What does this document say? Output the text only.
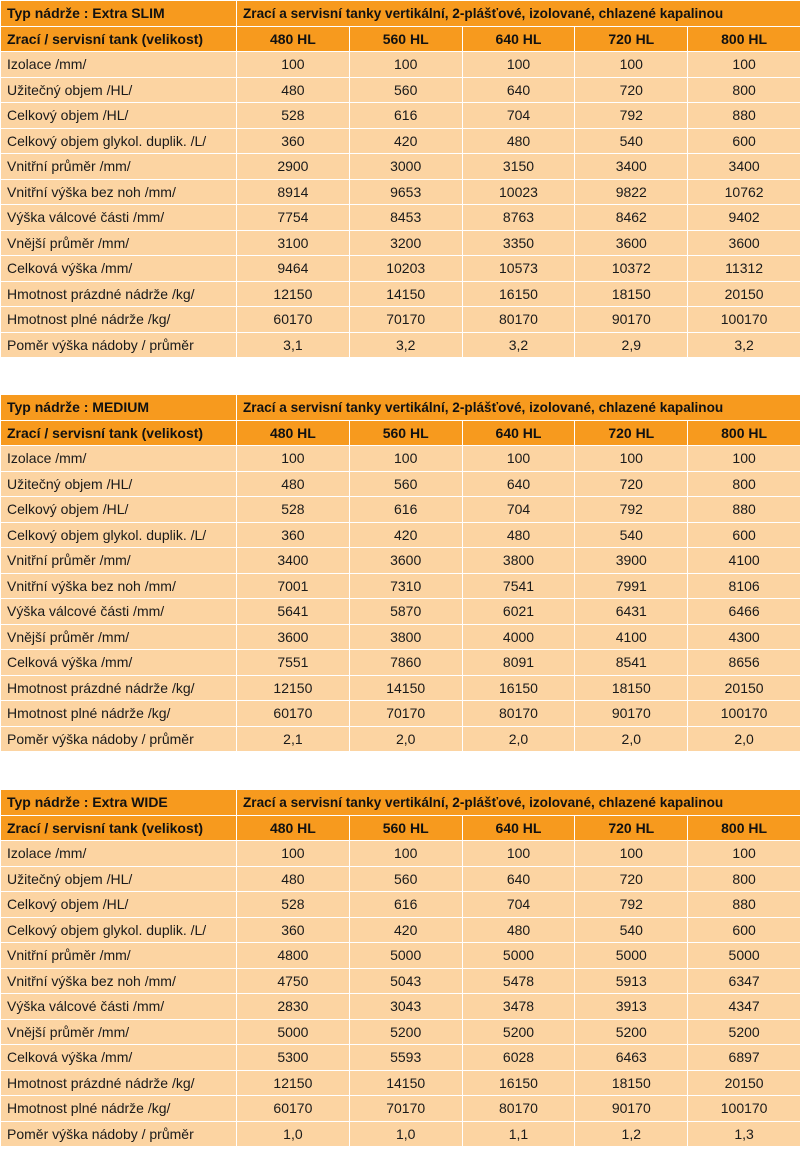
Typ nádrže : Extra SLIM	Zrací a servisní tanky vertikální, 2-plášťové, izolované, chlazené kapalinou				
Zrací / servisní tank (velikost)	480 HL	560 HL	640 HL	720 HL	800 HL
Izolace /mm/	100	100	100	100	100
Užitečný objem /HL/	480	560	640	720	800
Celkový objem /HL/	528	616	704	792	880
Celkový objem glykol. duplik. /L/	360	420	480	540	600
Vnitřní průměr /mm/	2900	3000	3150	3400	3400
Vnitřní výška bez noh /mm/	8914	9653	10023	9822	10762
Výška válcové části /mm/	7754	8453	8763	8462	9402
Vnější průměr /mm/	3100	3200	3350	3600	3600
Celková výška /mm/	9464	10203	10573	10372	11312
Hmotnost prázdné nádrže /kg/	12150	14150	16150	18150	20150
Hmotnost plné nádrže /kg/	60170	70170	80170	90170	100170
Poměr výška nádoby / průměr	3,1	3,2	3,2	2,9	3,2
Typ nádrže : MEDIUM	Zrací a servisní tanky vertikální, 2-plášťové, izolované, chlazené kapalinou				
Zrací / servisní tank (velikost)	480 HL	560 HL	640 HL	720 HL	800 HL
Izolace /mm/	100	100	100	100	100
Užitečný objem /HL/	480	560	640	720	800
Celkový objem /HL/	528	616	704	792	880
Celkový objem glykol. duplik. /L/	360	420	480	540	600
Vnitřní průměr /mm/	3400	3600	3800	3900	4100
Vnitřní výška bez noh /mm/	7001	7310	7541	7991	8106
Výška válcové části /mm/	5641	5870	6021	6431	6466
Vnější průměr /mm/	3600	3800	4000	4100	4300
Celková výška /mm/	7551	7860	8091	8541	8656
Hmotnost prázdné nádrže /kg/	12150	14150	16150	18150	20150
Hmotnost plné nádrže /kg/	60170	70170	80170	90170	100170
Poměr výška nádoby / průměr	2,1	2,0	2,0	2,0	2,0
Typ nádrže : Extra WIDE	Zrací a servisní tanky vertikální, 2-plášťové, izolované, chlazené kapalinou				
Zrací / servisní tank (velikost)	480 HL	560 HL	640 HL	720 HL	800 HL
Izolace /mm/	100	100	100	100	100
Užitečný objem /HL/	480	560	640	720	800
Celkový objem /HL/	528	616	704	792	880
Celkový objem glykol. duplik. /L/	360	420	480	540	600
Vnitřní průměr /mm/	4800	5000	5000	5000	5000
Vnitřní výška bez noh /mm/	4750	5043	5478	5913	6347
Výška válcové části /mm/	2830	3043	3478	3913	4347
Vnější průměr /mm/	5000	5200	5200	5200	5200
Celková výška /mm/	5300	5593	6028	6463	6897
Hmotnost prázdné nádrže /kg/	12150	14150	16150	18150	20150
Hmotnost plné nádrže /kg/	60170	70170	80170	90170	100170
Poměr výška nádoby / průměr	1,0	1,0	1,1	1,2	1,3
